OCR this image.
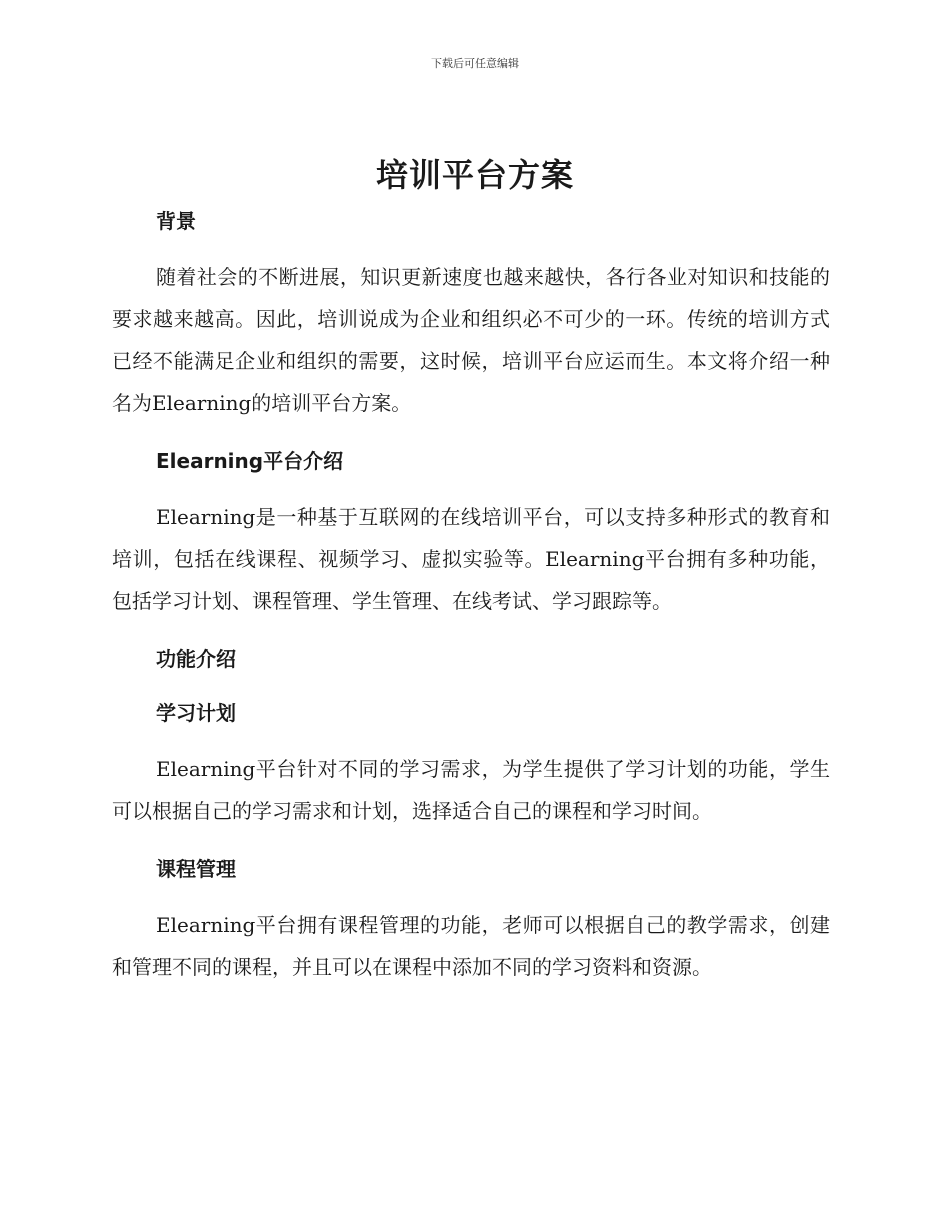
下载后可任意编辑
培训平台方案
背景

随着社会的不断进展，知识更新速度也越来越快，各行各业对知识和技能的要求越来越高。因此，培训说成为企业和组织必不可少的一环。传统的培训方式已经不能满足企业和组织的需要，这时候，培训平台应运而生。本文将介绍一种名为Elearning的培训平台方案。

Elearning平台介绍

Elearning是一种基于互联网的在线培训平台，可以支持多种形式的教育和培训，包括在线课程、视频学习、虚拟实验等。Elearning平台拥有多种功能，包括学习计划、课程管理、学生管理、在线考试、学习跟踪等。

功能介绍
学习计划

Elearning平台针对不同的学习需求，为学生提供了学习计划的功能，学生可以根据自己的学习需求和计划，选择适合自己的课程和学习时间。

课程管理

Elearning平台拥有课程管理的功能，老师可以根据自己的教学需求，创建和管理不同的课程，并且可以在课程中添加不同的学习资料和资源。
